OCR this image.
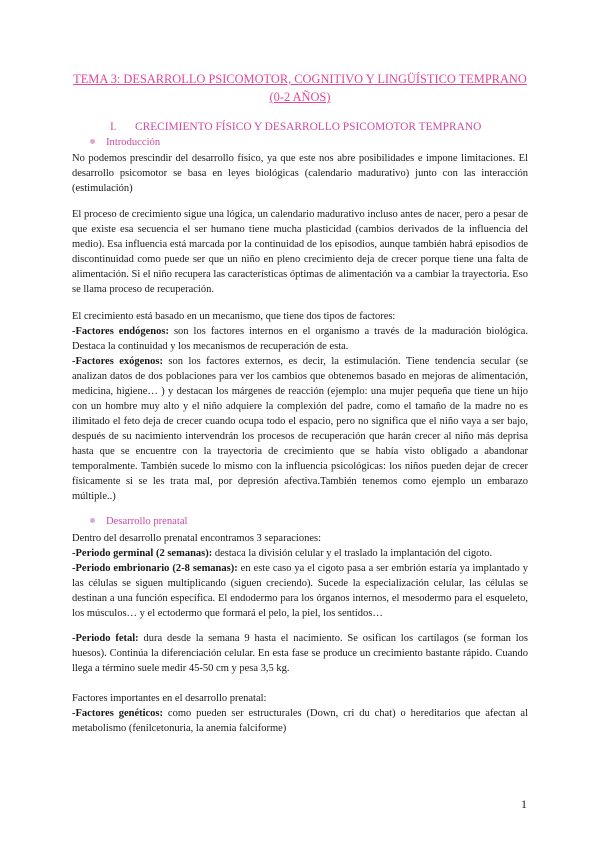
TEMA 3: DESARROLLO PSICOMOTOR, COGNITIVO Y LINGÜÍSTICO TEMPRANO (0-2 AÑOS)
I. CRECIMIENTO FÍSICO Y DESARROLLO PSICOMOTOR TEMPRANO
Introducción

No podemos prescindir del desarrollo físico, ya que este nos abre posibilidades e impone limitaciones. El desarrollo psicomotor se basa en leyes biológicas (calendario madurativo) junto con las interacción (estimulación)

El proceso de crecimiento sigue una lógica, un calendario madurativo incluso antes de nacer, pero a pesar de que existe esa secuencia el ser humano tiene mucha plasticidad (cambios derivados de la influencia del medio). Esa influencia está marcada por la continuidad de los episodios, aunque también habrá episodios de discontinuidad como puede ser que un niño en pleno crecimiento deja de crecer porque tiene una falta de alimentación. Si el niño recupera las características óptimas de alimentación va a cambiar la trayectoria. Eso se llama proceso de recuperación.

El crecimiento está basado en un mecanismo, que tiene dos tipos de factores:

-Factores endógenos: son los factores internos en el organismo a través de la maduración biológica. Destaca la continuidad y los mecanismos de recuperación de esta.

-Factores exógenos: son los factores externos, es decir, la estimulación. Tiene tendencia secular (se analizan datos de dos poblaciones para ver los cambios que obtenemos basado en mejoras de alimentación, medicina, higiene… ) y destacan los márgenes de reacción (ejemplo: una mujer pequeña que tiene un hijo con un hombre muy alto y el niño adquiere la complexión del padre, como el tamaño de la madre no es ilimitado el feto deja de crecer cuando ocupa todo el espacio, pero no significa que el niño vaya a ser bajo, después de su nacimiento intervendrán los procesos de recuperación que harán crecer al niño más deprisa hasta que se encuentre con la trayectoria de crecimiento que se había visto obligado a abandonar temporalmente. También sucede lo mismo con la influencia psicológicas: los niños pueden dejar de crecer físicamente si se les trata mal, por depresión afectiva.También tenemos como ejemplo un embarazo múltiple..)

Desarrollo prenatal

Dentro del desarrollo prenatal encontramos 3 separaciones:

-Periodo germinal (2 semanas): destaca la división celular y el traslado la implantación del cigoto.

-Periodo embrionario (2-8 semanas): en este caso ya el cigoto pasa a ser embrión estaría ya implantado y las células se siguen multiplicando (siguen creciendo). Sucede la especialización celular, las células se destinan a una función específica. El endodermo para los órganos internos, el mesodermo para el esqueleto, los músculos… y el ectodermo que formará el pelo, la piel, los sentidos…

-Periodo fetal: dura desde la semana 9 hasta el nacimiento. Se osifican los cartílagos (se forman los huesos). Continúa la diferenciación celular. En esta fase se produce un crecimiento bastante rápido. Cuando llega a término suele medir 45-50 cm y pesa 3,5 kg.

Factores importantes en el desarrollo prenatal:

-Factores genéticos: como pueden ser estructurales (Down, cri du chat) o hereditarios que afectan al metabolismo (fenilcetonuria, la anemia falciforme)

1
